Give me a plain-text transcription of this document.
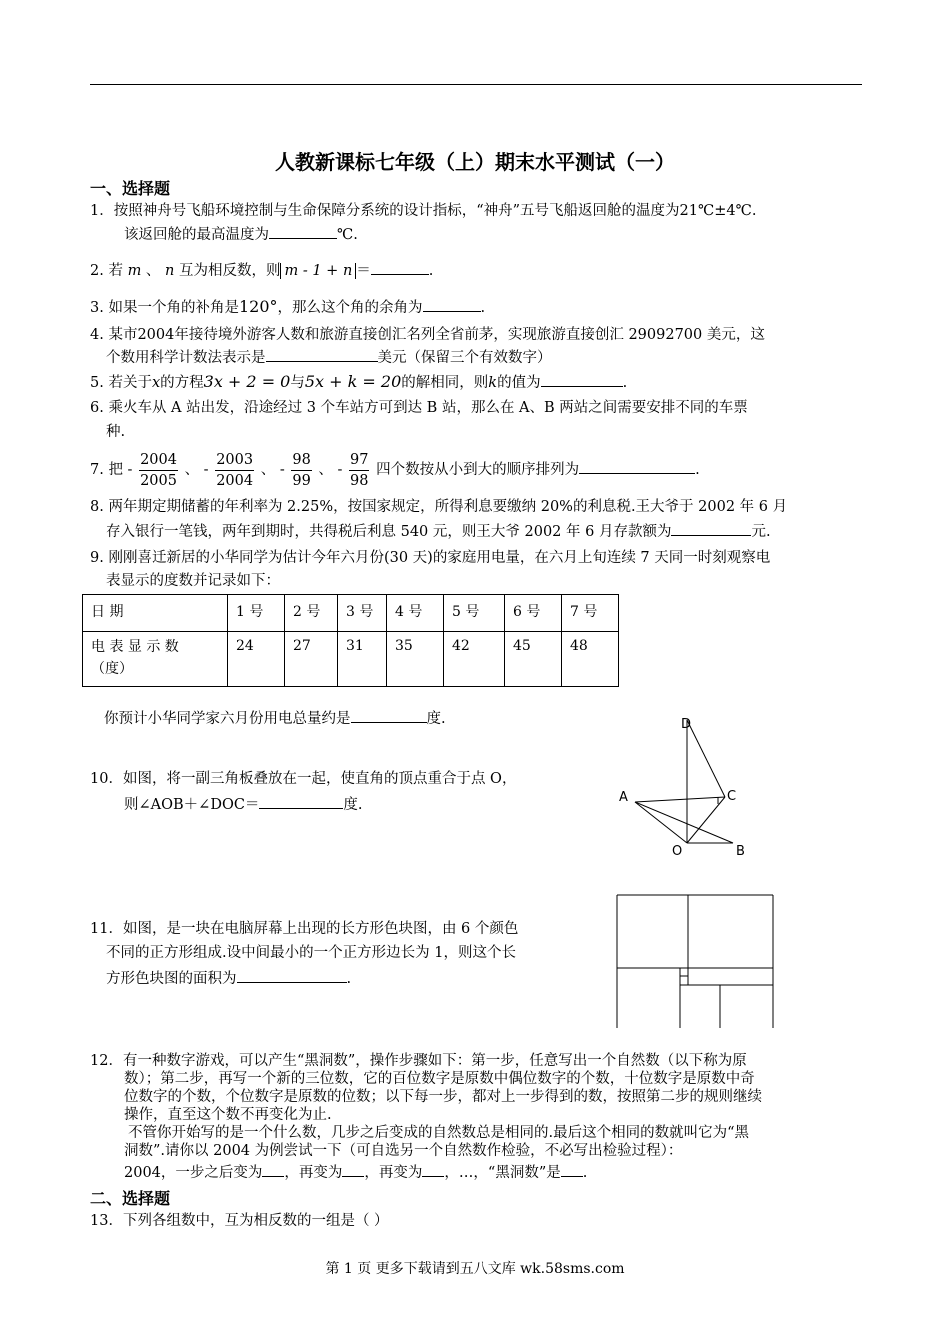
人教新课标七年级（上）期末水平测试（一）
一、选择题
1．按照神舟号飞船环境控制与生命保障分系统的设计指标，“神舟”五号飞船返回舱的温度为21℃±4℃.
该返回舱的最高温度为	℃.
2. 若 m 、 n 互为相反数，则 m - 1 + n ＝	.
3. 如果一个角的补角是120°，那么这个角的余角为	.
4. 某市2004年接待境外游客人数和旅游直接创汇名列全省前茅，实现旅游直接创汇 29092700 美元，这
个数用科学计数法表示是	美元（保留三个有效数字）
5. 若关于x的方程3x + 2 = 0与5x + k = 20的解相同，则k的值为	.
6. 乘火车从 A 站出发，沿途经过 3 个车站方可到达 B 站，那么在 A、B 两站之间需要安排不同的车票
种.
7. 把 - $\frac{2004}{2005}$ 、 - $\frac{2003}{2004}$ 、 - $\frac{98}{99}$ 、 - $\frac{97}{98}$ 四个数按从小到大的顺序排列为	.
8. 两年期定期储蓄的年利率为 2.25%，按国家规定，所得利息要缴纳 20%的利息税.王大爷于 2002 年 6 月
存入银行一笔钱，两年到期时，共得税后利息 540 元，则王大爷 2002 年 6 月存款额为	元.
9. 刚刚喜迁新居的小华同学为估计今年六月份(30 天)的家庭用电量，在六月上旬连续 7 天同一时刻观察电
表显示的度数并记录如下：
日 期	1 号	2 号	3 号	4 号	5 号	6 号	7 号

电 表 显 示 数
（度）	24	27	31	35	42	45	48
你预计小华同学家六月份用电总量约是	度.
10．如图，将一副三角板叠放在一起，使直角的顶点重合于点 O，
则∠AOB＋∠DOC＝	度.
D
A	C
O	B
11．如图，是一块在电脑屏幕上出现的长方形色块图，由 6 个颜色
不同的正方形组成.设中间最小的一个正方形边长为 1，则这个长
方形色块图的面积为	.
12．有一种数字游戏，可以产生“黑洞数”，操作步骤如下：第一步，任意写出一个自然数（以下称为原
数）；第二步，再写一个新的三位数，它的百位数字是原数中偶位数字的个数，十位数字是原数中奇
位数字的个数，个位数字是原数的位数；以下每一步，都对上一步得到的数，按照第二步的规则继续
操作，直至这个数不再变化为止.
不管你开始写的是一个什么数，几步之后变成的自然数总是相同的.最后这个相同的数就叫它为“黑
洞数”.请你以 2004 为例尝试一下（可自选另一个自然数作检验，不必写出检验过程）：
2004，一步之后变为 ，再变为 ，再变为 ，…，“黑洞数”是 .
二、选择题
13．下列各组数中，互为相反数的一组是（ ）
第 1 页 更多下载请到五八文库 wk.58sms.com
